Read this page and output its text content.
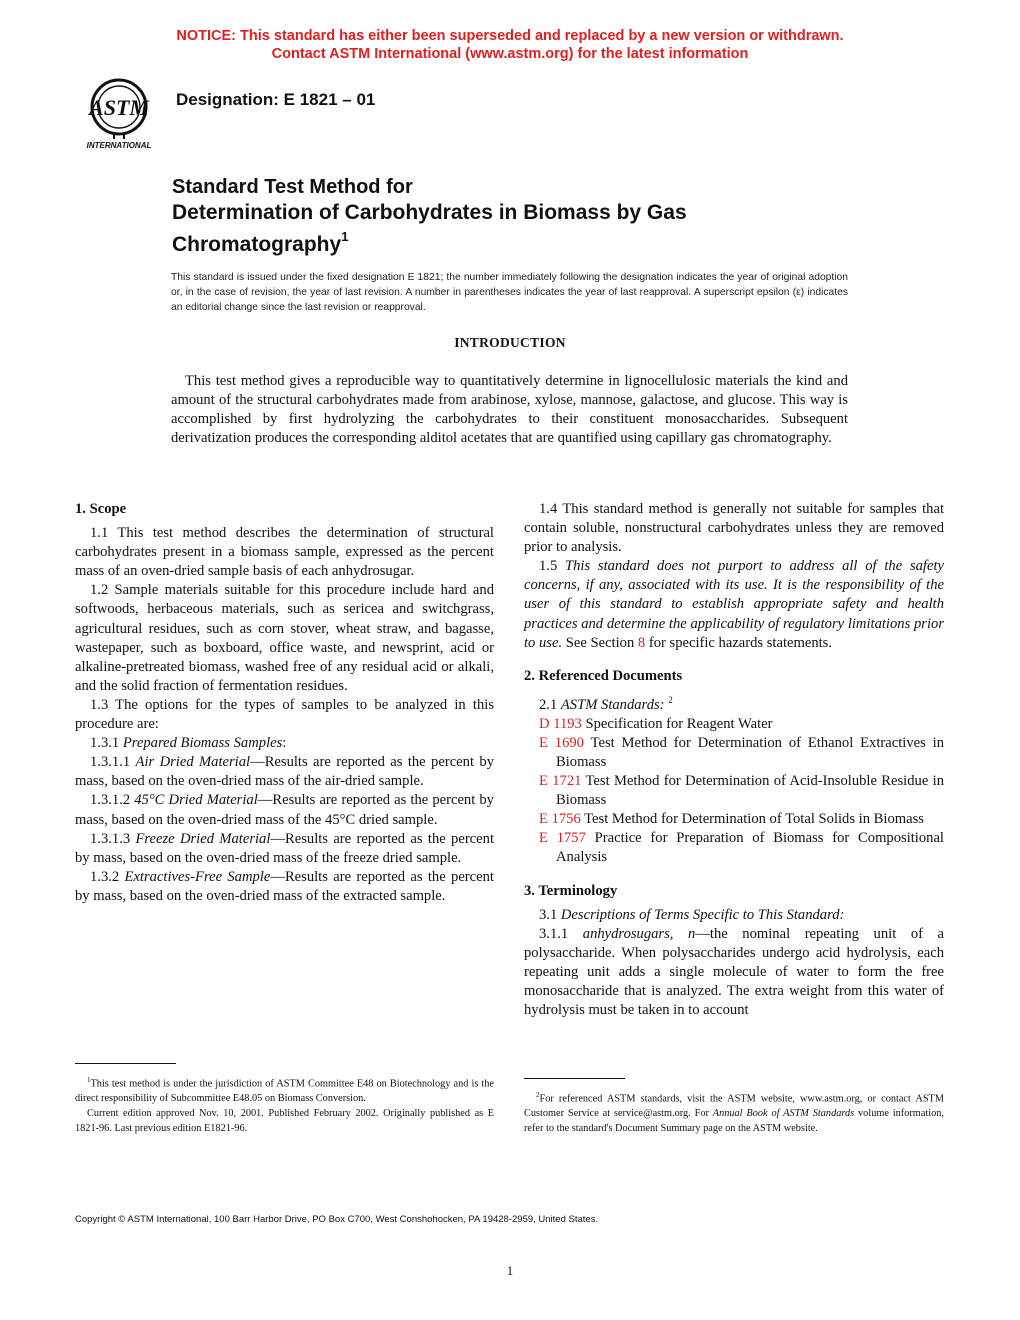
NOTICE: This standard has either been superseded and replaced by a new version or withdrawn.
Contact ASTM International (www.astm.org) for the latest information
ASTM
INTERNATIONAL
Designation: E 1821 – 01
Standard Test Method for
Determination of Carbohydrates in Biomass by Gas
Chromatography$^1$
This standard is issued under the fixed designation E 1821; the number immediately following the designation indicates the year of original adoption or, in the case of revision, the year of last revision. A number in parentheses indicates the year of last reapproval. A superscript epsilon (ε) indicates an editorial change since the last revision or reapproval.
INTRODUCTION
This test method gives a reproducible way to quantitatively determine in lignocellulosic materials the kind and amount of the structural carbohydrates made from arabinose, xylose, mannose, galactose, and glucose. This way is accomplished by first hydrolyzing the carbohydrates to their constituent monosaccharides. Subsequent derivatization produces the corresponding alditol acetates that are quantified using capillary gas chromatography.
1. Scope

1.1 This test method describes the determination of structural carbohydrates present in a biomass sample, expressed as the percent mass of an oven-dried sample basis of each anhydrosugar.

1.2 Sample materials suitable for this procedure include hard and softwoods, herbaceous materials, such as sericea and switchgrass, agricultural residues, such as corn stover, wheat straw, and bagasse, wastepaper, such as boxboard, office waste, and newsprint, acid or alkaline-pretreated biomass, washed free of any residual acid or alkali, and the solid fraction of fermentation residues.

1.3 The options for the types of samples to be analyzed in this procedure are:

1.3.1 Prepared Biomass Samples:

1.3.1.1 Air Dried Material—Results are reported as the percent by mass, based on the oven-dried mass of the air-dried sample.

1.3.1.2 45°C Dried Material—Results are reported as the percent by mass, based on the oven-dried mass of the 45°C dried sample.

1.3.1.3 Freeze Dried Material—Results are reported as the percent by mass, based on the oven-dried mass of the freeze dried sample.

1.3.2 Extractives-Free Sample—Results are reported as the percent by mass, based on the oven-dried mass of the extracted sample.

1.4 This standard method is generally not suitable for samples that contain soluble, nonstructural carbohydrates unless they are removed prior to analysis.

1.5 This standard does not purport to address all of the safety concerns, if any, associated with its use. It is the responsibility of the user of this standard to establish appropriate safety and health practices and determine the applicability of regulatory limitations prior to use. See Section 8 for specific hazards statements.

2. Referenced Documents

2.1 ASTM Standards: $^2$

D 1193 Specification for Reagent Water

E 1690 Test Method for Determination of Ethanol Extractives in Biomass

E 1721 Test Method for Determination of Acid-Insoluble Residue in Biomass

E 1756 Test Method for Determination of Total Solids in Biomass

E 1757 Practice for Preparation of Biomass for Compositional Analysis

3. Terminology

3.1 Descriptions of Terms Specific to This Standard:

3.1.1 anhydrosugars, n—the nominal repeating unit of a polysaccharide. When polysaccharides undergo acid hydrolysis, each repeating unit adds a single molecule of water to form the free monosaccharide that is analyzed. The extra weight from this water of hydrolysis must be taken in to account

$^1$This test method is under the jurisdiction of ASTM Committee E48 on Biotechnology and is the direct responsibility of Subcommittee E48.05 on Biomass Conversion.

Current edition approved Nov. 10, 2001. Published February 2002. Originally published as E 1821-96. Last previous edition E1821-96.

$^2$For referenced ASTM standards, visit the ASTM website, www.astm.org, or contact ASTM Customer Service at service@astm.org. For Annual Book of ASTM Standards volume information, refer to the standard's Document Summary page on the ASTM website.

Copyright © ASTM International, 100 Barr Harbor Drive, PO Box C700, West Conshohocken, PA 19428-2959, United States.
1
